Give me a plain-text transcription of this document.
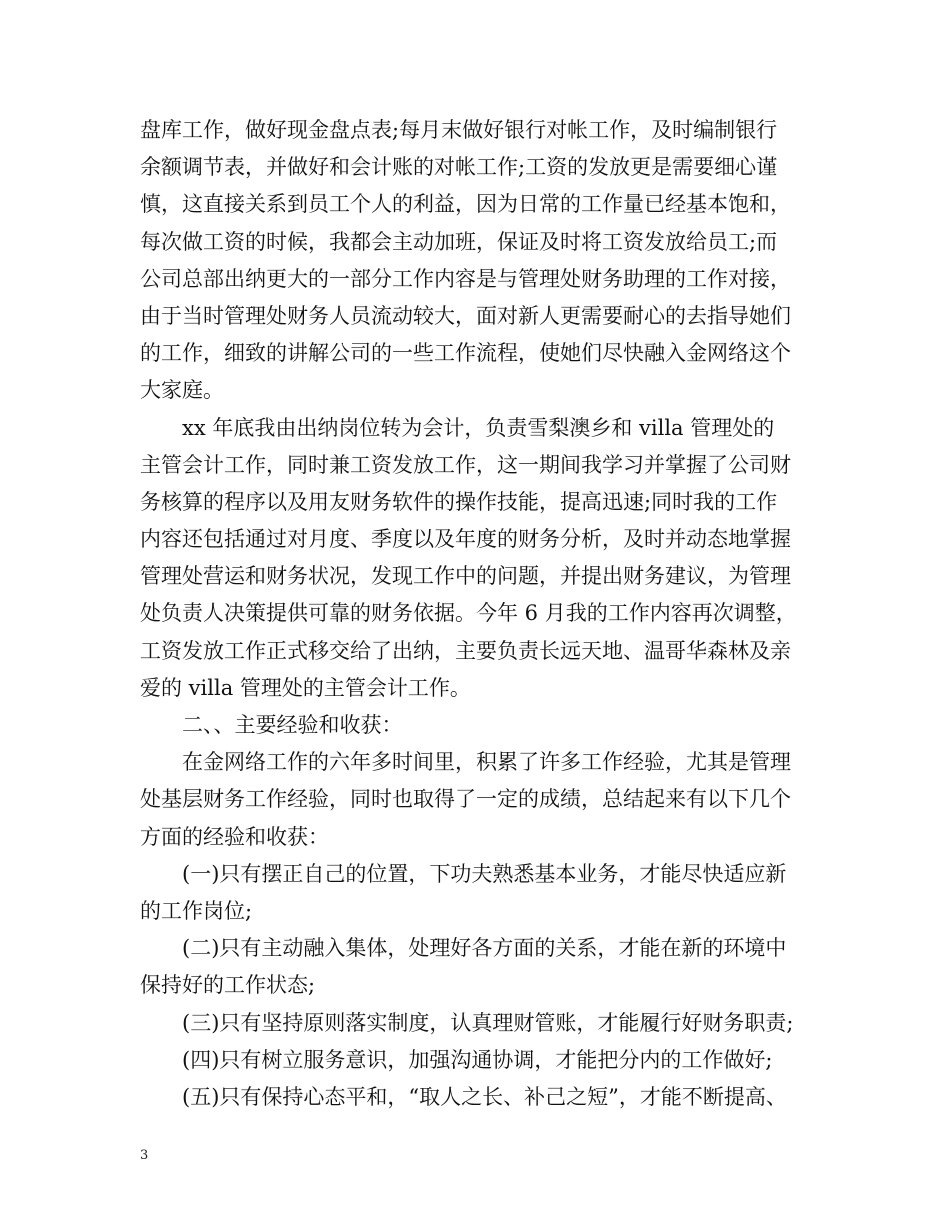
盘库工作，做好现金盘点表;每月末做好银行对帐工作，及时编制银行
余额调节表，并做好和会计账的对帐工作;工资的发放更是需要细心谨
慎，这直接关系到员工个人的利益，因为日常的工作量已经基本饱和，
每次做工资的时候，我都会主动加班，保证及时将工资发放给员工;而
公司总部出纳更大的一部分工作内容是与管理处财务助理的工作对接，
由于当时管理处财务人员流动较大，面对新人更需要耐心的去指导她们
的工作，细致的讲解公司的一些工作流程，使她们尽快融入金网络这个
大家庭。
xx 年底我由出纳岗位转为会计，负责雪梨澳乡和 villa 管理处的
主管会计工作，同时兼工资发放工作，这一期间我学习并掌握了公司财
务核算的程序以及用友财务软件的操作技能，提高迅速;同时我的工作
内容还包括通过对月度、季度以及年度的财务分析，及时并动态地掌握
管理处营运和财务状况，发现工作中的问题，并提出财务建议，为管理
处负责人决策提供可靠的财务依据。今年 6 月我的工作内容再次调整，
工资发放工作正式移交给了出纳，主要负责长远天地、温哥华森林及亲
爱的 villa 管理处的主管会计工作。
二、、主要经验和收获：
在金网络工作的六年多时间里，积累了许多工作经验，尤其是管理
处基层财务工作经验，同时也取得了一定的成绩，总结起来有以下几个
方面的经验和收获：
(一)只有摆正自己的位置，下功夫熟悉基本业务，才能尽快适应新
的工作岗位;
(二)只有主动融入集体，处理好各方面的关系，才能在新的环境中
保持好的工作状态;
(三)只有坚持原则落实制度，认真理财管账，才能履行好财务职责;
(四)只有树立服务意识，加强沟通协调，才能把分内的工作做好;
(五)只有保持心态平和，“取人之长、补己之短”，才能不断提高、
3
